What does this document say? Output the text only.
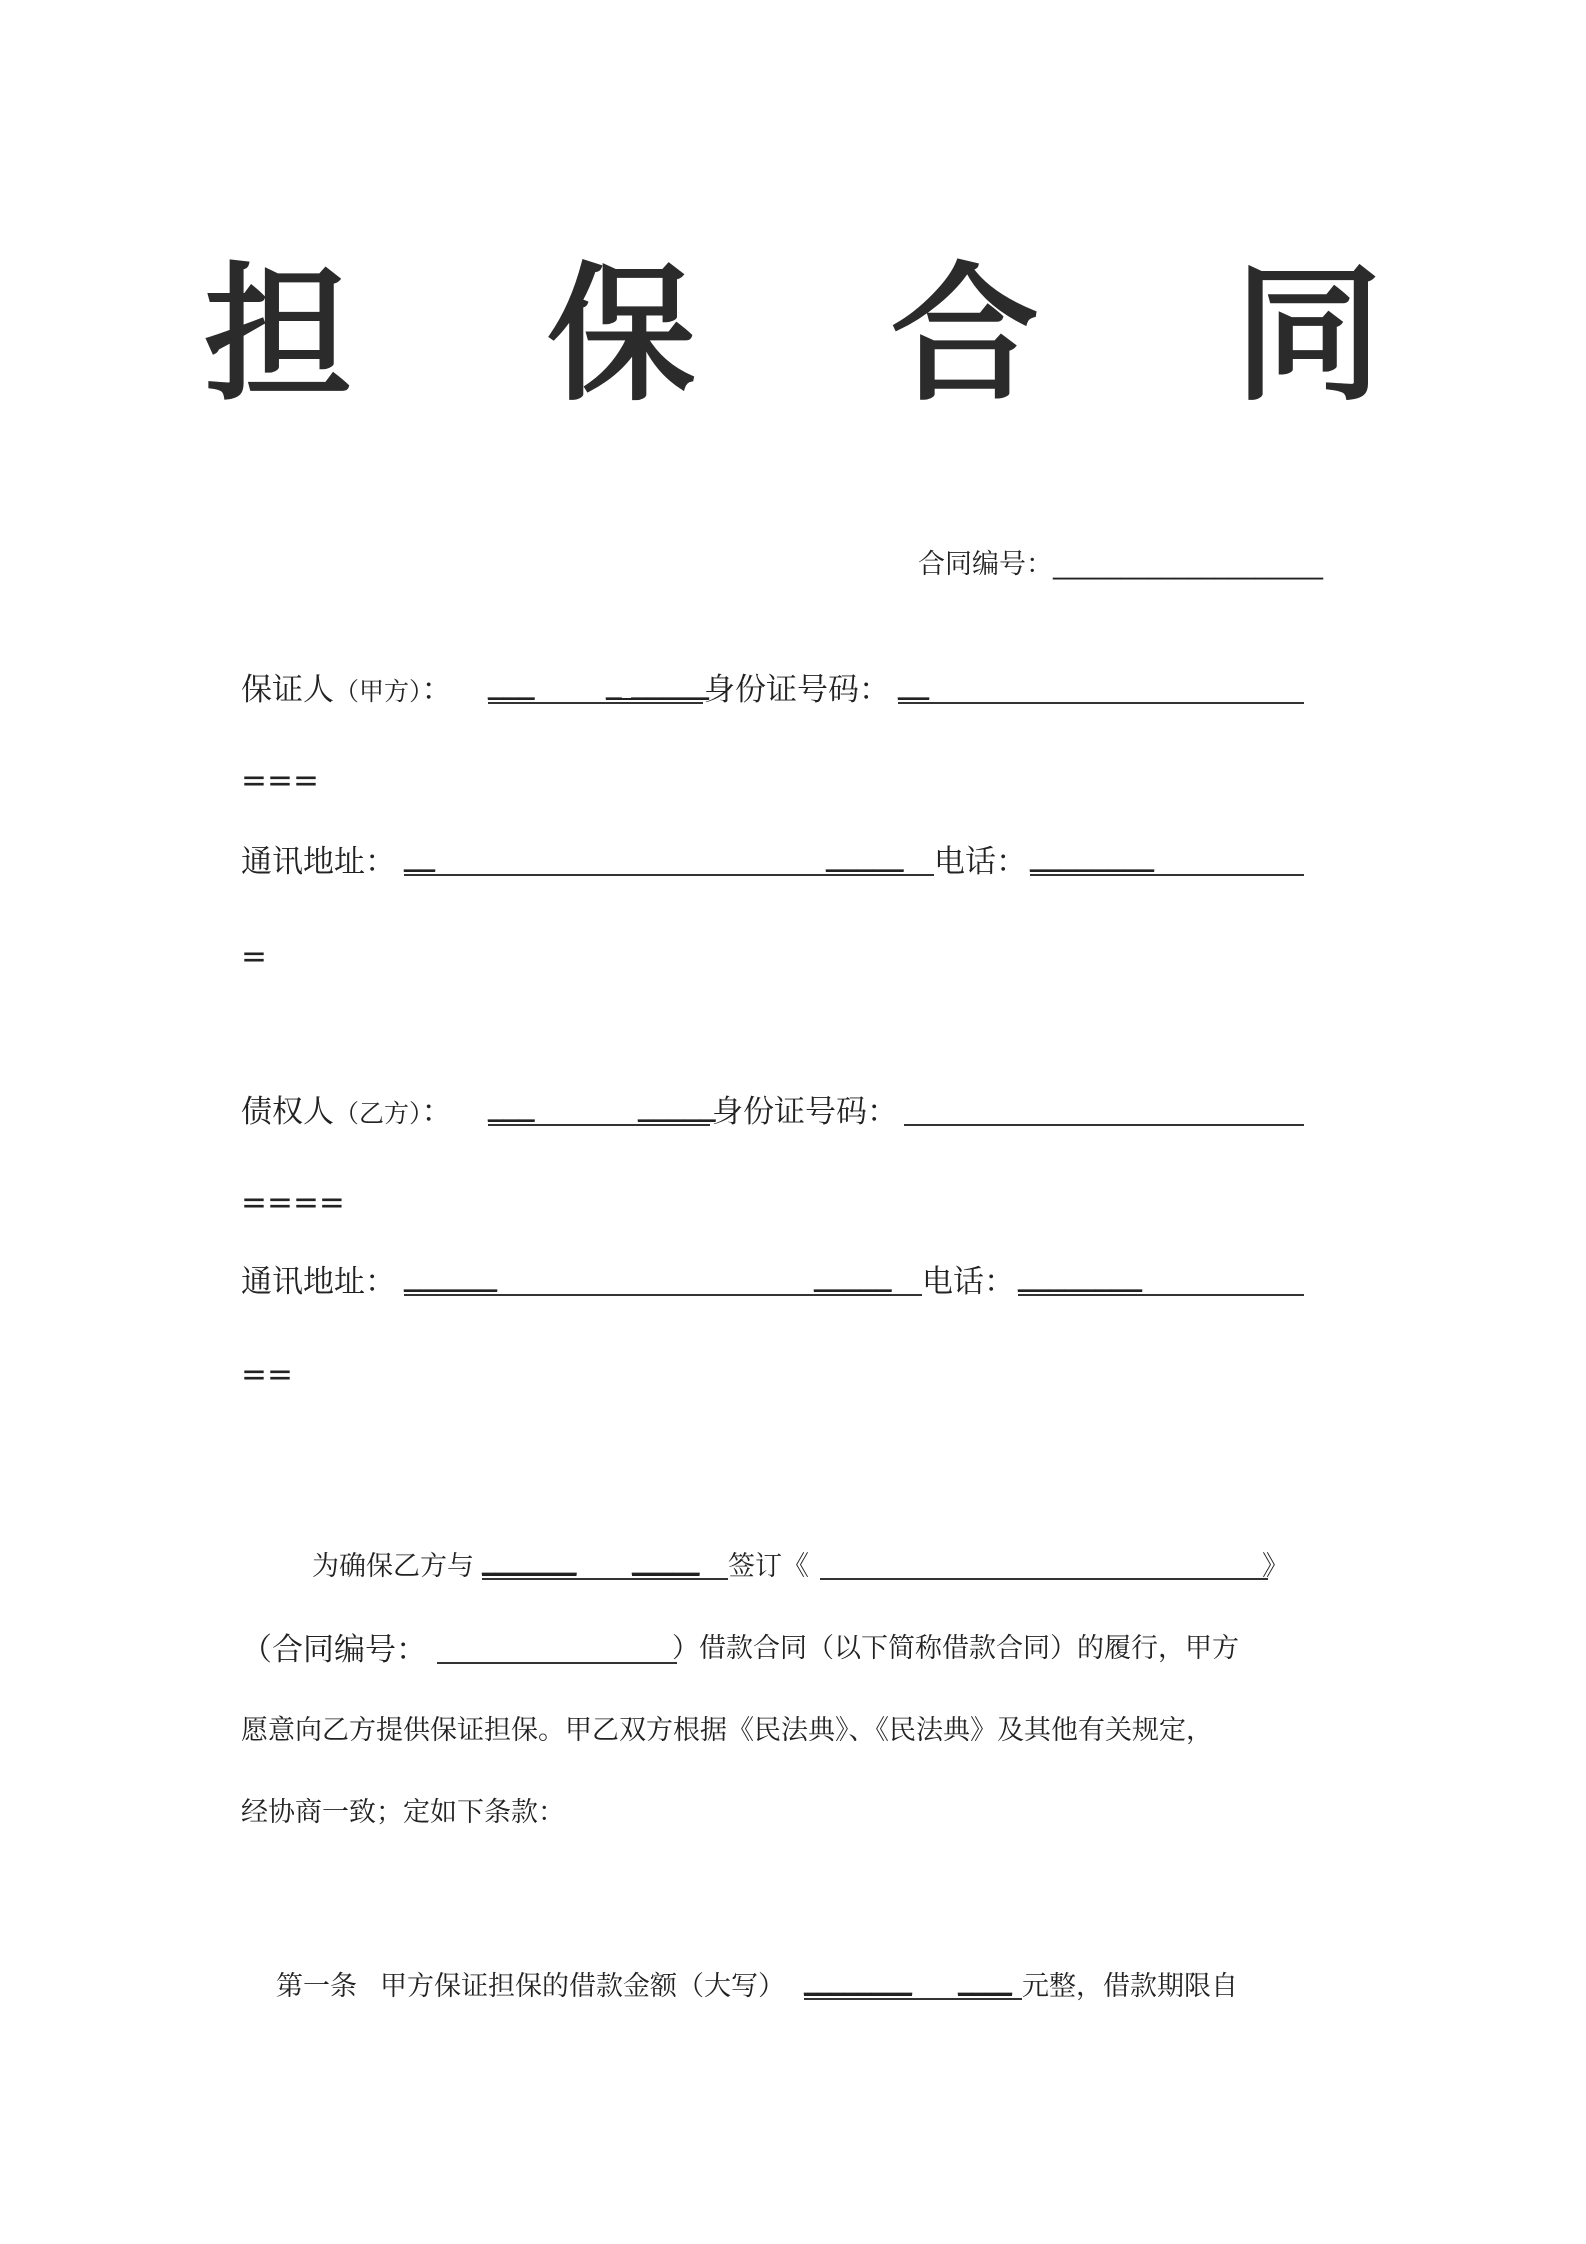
担 保 合 同
合同编号：____________________
保证人（甲方）： ___ _ _____
身份证号码： __
===
通讯地址： __	_____ 电话： ________
=
债权人（乙方）： ___	_____
身份证号码：
====
通讯地址： ______	_____ 电话： ________
==
为确保乙方与 _______ _____ 签订《	》
（合同编号：	）借款合同（以下简称借款合同）的履行，甲方
愿意向乙方提供保证担保。甲乙双方根据《民法典》、《民法典》及其他有关规定，
经协商一致；定如下条款：
第一条 甲方保证担保的借款金额（大写） ________ ____ 元整，借款期限自
